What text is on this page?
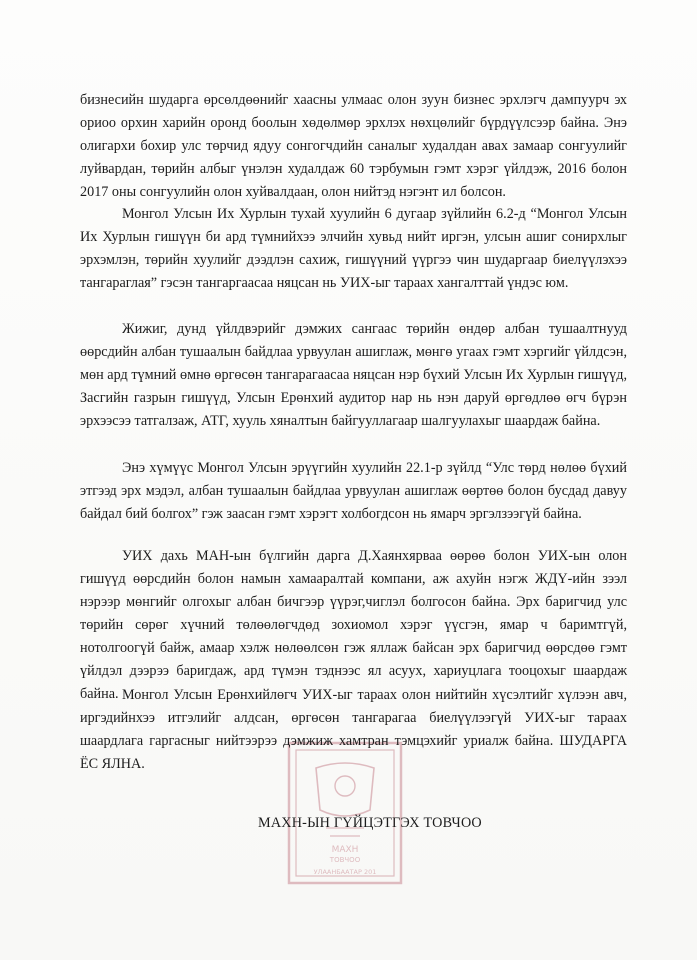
МАХН
ТОВЧОО
УЛААНБААТАР 201

бизнесийн шударга өрсөлдөөнийг хаасны улмаас олон зуун бизнес эрхлэгч дампуурч эх ориоо орхин харийн оронд боолын хөдөлмөр эрхлэх нөхцөлийг бүрдүүлсээр байна. Энэ олигархи бохир улс төрчид ядуу сонгогчдийн саналыг худалдан авах замаар сонгуулийг луйвардан, төрийн албыг үнэлэн худалдаж 60 тэрбумын гэмт хэрэг үйлдэж, 2016 болон 2017 оны сонгуулийн олон хуйвалдаан, олон нийтэд нэгэнт ил болсон.

Монгол Улсын Их Хурлын тухай хуулийн 6 дугаар зүйлийн 6.2-д “Монгол Улсын Их Хурлын гишүүн би ард түмнийхээ элчийн хувьд нийт иргэн, улсын ашиг сонирхлыг эрхэмлэн, төрийн хуулийг дээдлэн сахиж, гишүүний үүргээ чин шударгаар биелүүлэхээ тангараглая” гэсэн тангаргаасаа няцсан нь УИХ-ыг тараах хангалттай үндэс юм.

Жижиг, дунд үйлдвэрийг дэмжих сангаас төрийн өндөр албан тушаалтнууд өөрсдийн албан тушаалын байдлаа урвуулан ашиглаж, мөнгө угаах гэмт хэргийг үйлдсэн, мөн ард түмний өмнө өргөсөн тангарагаасаа няцсан нэр бүхий Улсын Их Хурлын гишүүд, Засгийн газрын гишүүд, Улсын Ерөнхий аудитор нар нь нэн даруй өргөдлөө өгч бүрэн эрхээсээ татгалзаж, АТГ, хууль хяналтын байгууллагаар шалгуулахыг шаардаж байна.

Энэ хүмүүс Монгол Улсын эрүүгийн хуулийн 22.1-р зүйлд “Улс төрд нөлөө бүхий этгээд эрх мэдэл, албан тушаалын байдлаа урвуулан ашиглаж өөртөө болон бусдад давуу байдал бий болгох” гэж заасан гэмт хэрэгт холбогдсон нь ямарч эргэлзээгүй байна.

УИХ дахь МАН-ын бүлгийн дарга Д.Хаянхярваа өөрөө болон УИХ-ын олон гишүүд өөрсдийн болон намын хамааралтай компани, аж ахуйн нэгж ЖДҮ-ийн зээл нэрээр мөнгийг олгохыг албан бичгээр үүрэг,чиглэл болгосон байна. Эрх баригчид улс төрийн сөрөг хүчний төлөөлөгчдөд зохиомол хэрэг үүсгэн, ямар ч баримтгүй, нотолгоогүй байж, амаар хэлж нөлөөлсөн гэж яллаж байсан эрх баригчид өөрсдөө гэмт үйлдэл дээрээ баригдаж, ард түмэн тэднээс ял асуух, хариуцлага тооцохыг шаардаж байна. Монгол Улсын Ерөнхийлөгч УИХ-ыг тараах олон нийтийн хүсэлтийг хүлээн авч, иргэдийнхээ итгэлийг алдсан, өргөсөн тангарагаа биелүүлээгүй УИХ-ыг тараах шаардлага гаргасныг нийтээрээ дэмжиж хамтран тэмцэхийг уриалж байна. ШУДАРГА ЁС ЯЛНА.

МАХН-ЫН ГҮЙЦЭТГЭХ ТОВЧОО
